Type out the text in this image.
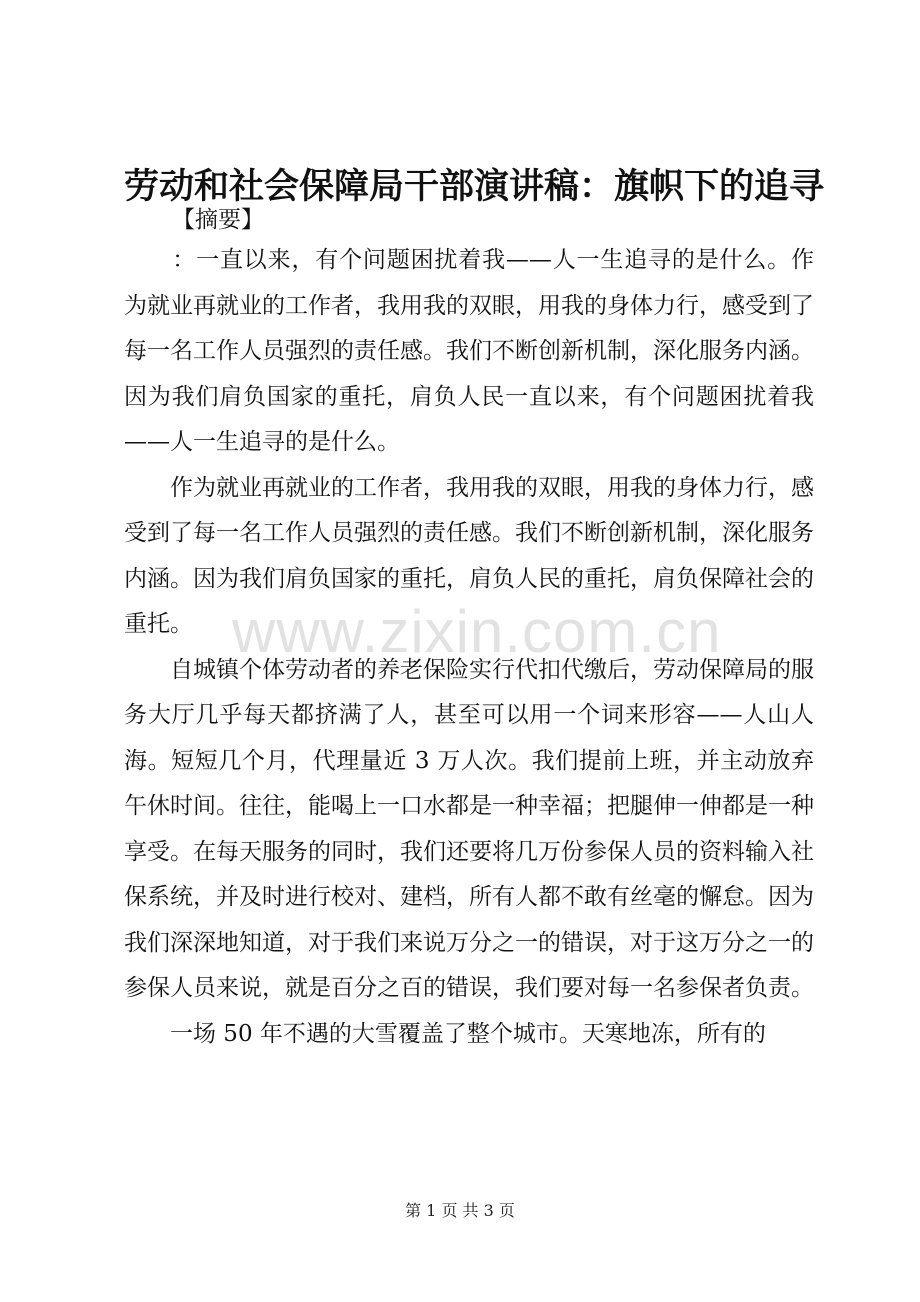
劳动和社会保障局干部演讲稿：旗帜下的追寻
【摘要】

：一直以来，有个问题困扰着我——人一生追寻的是什么。作为就业再就业的工作者，我用我的双眼，用我的身体力行，感受到了每一名工作人员强烈的责任感。我们不断创新机制，深化服务内涵。因为我们肩负国家的重托，肩负人民一直以来，有个问题困扰着我——人一生追寻的是什么。

作为就业再就业的工作者，我用我的双眼，用我的身体力行，感受到了每一名工作人员强烈的责任感。我们不断创新机制，深化服务内涵。因为我们肩负国家的重托，肩负人民的重托，肩负保障社会的重托。

自城镇个体劳动者的养老保险实行代扣代缴后，劳动保障局的服务大厅几乎每天都挤满了人，甚至可以用一个词来形容——人山人海。短短几个月，代理量近 3 万人次。我们提前上班，并主动放弃午休时间。往往，能喝上一口水都是一种幸福；把腿伸一伸都是一种享受。在每天服务的同时，我们还要将几万份参保人员的资料输入社保系统，并及时进行校对、建档，所有人都不敢有丝毫的懈怠。因为我们深深地知道，对于我们来说万分之一的错误，对于这万分之一的参保人员来说，就是百分之百的错误，我们要对每一名参保者负责。

一场 50 年不遇的大雪覆盖了整个城市。天寒地冻，所有的

www.zixin.com.cn
第 1 页 共 3 页
